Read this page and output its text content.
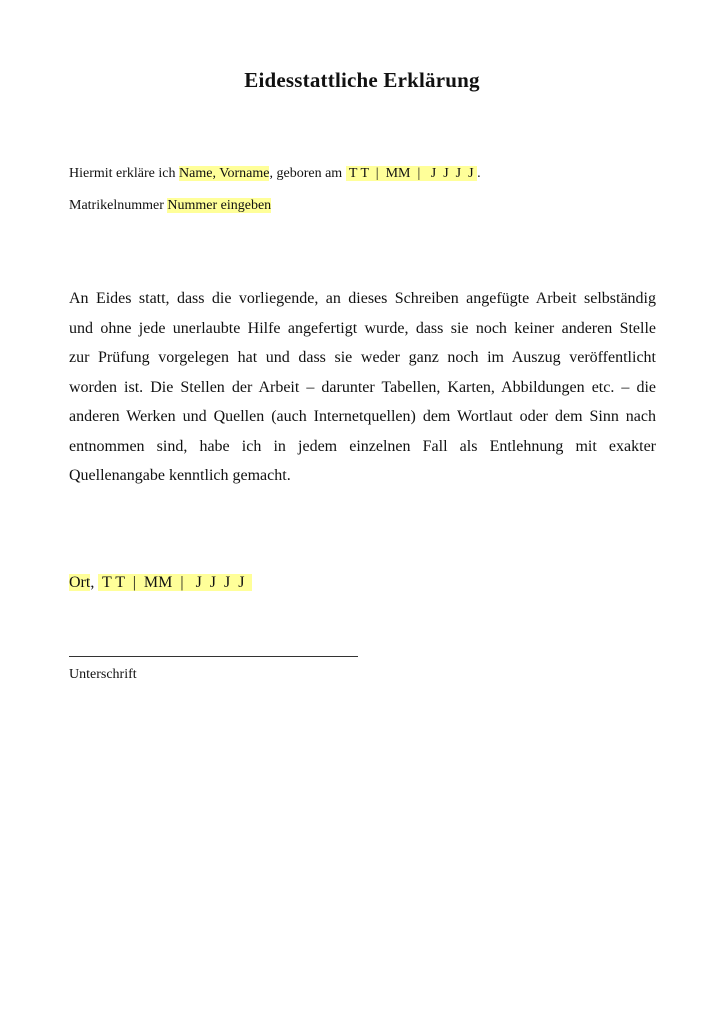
Eidesstattliche Erklärung
Hiermit erkläre ich Name, Vorname, geboren am  T T  |  MM  |   J  J  J  J .
Matrikelnummer Nummer eingeben
An Eides statt, dass die vorliegende, an dieses Schreiben angefügte Arbeit selbständig
und ohne jede unerlaubte Hilfe angefertigt wurde, dass sie noch keiner anderen Stelle
zur Prüfung vorgelegen hat und dass sie weder ganz noch im Auszug veröffentlicht
worden ist. Die Stellen der Arbeit – darunter Tabellen, Karten, Abbildungen etc. – die
anderen Werken und Quellen (auch Internetquellen) dem Wortlaut oder dem Sinn nach
entnommen sind, habe ich in jedem einzelnen Fall als Entlehnung mit exakter
Quellenangabe kenntlich gemacht.
Ort,  T T  |  MM  |   J  J  J  J
Unterschrift
